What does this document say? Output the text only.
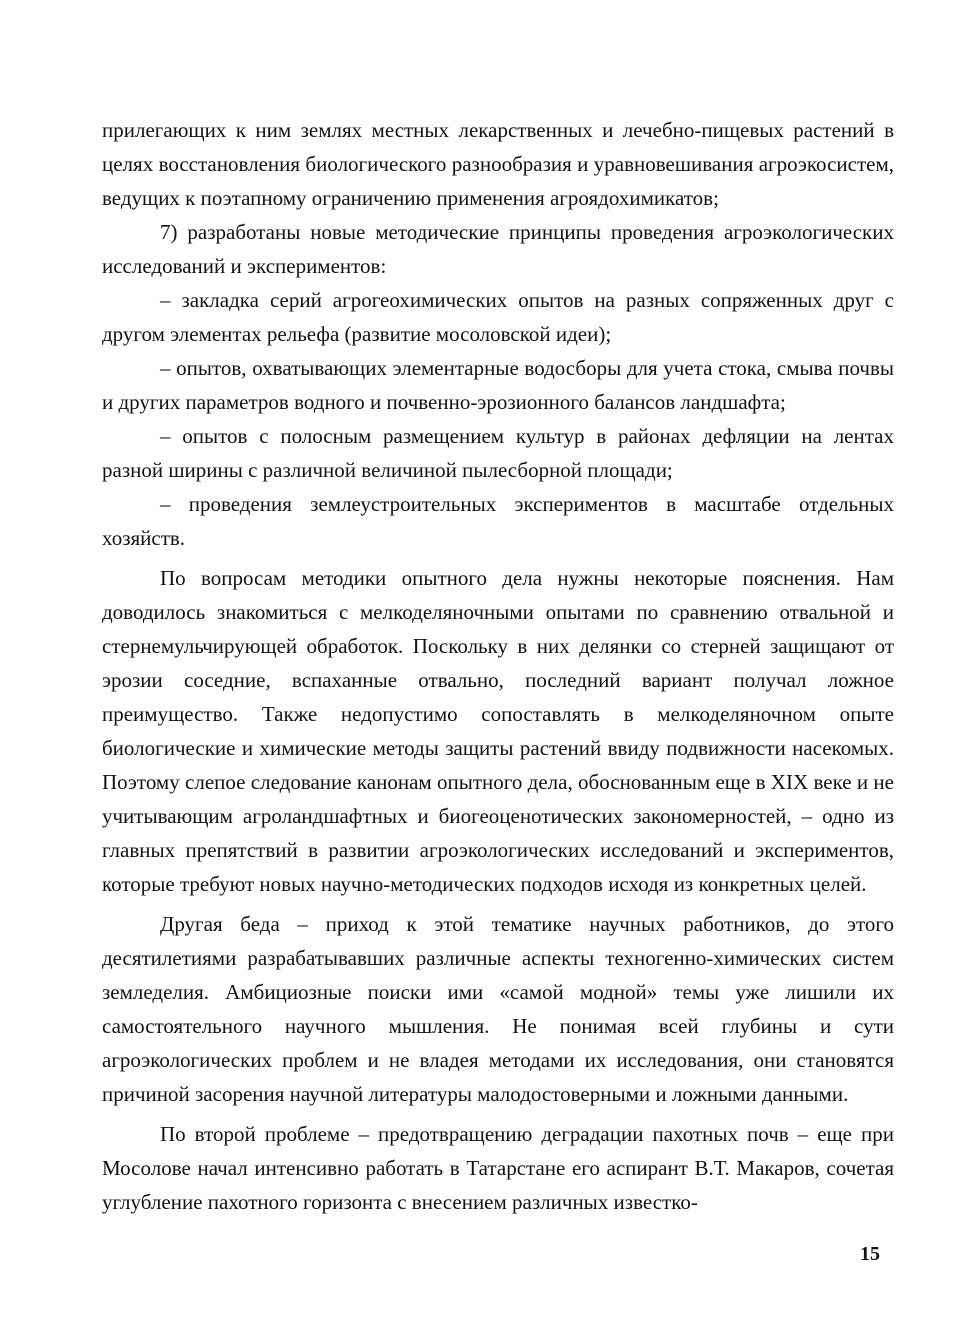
прилегающих к ним землях местных лекарственных и лечебно-пищевых растений в целях восстановления биологического разнообразия и уравновешивания агроэкосистем, ведущих к поэтапному ограничению применения агроядохимикатов;

7) разработаны новые методические принципы проведения агроэкологических исследований и экспериментов:

– закладка серий агрогеохимических опытов на разных сопряженных друг с другом элементах рельефа (развитие мосоловской идеи);

– опытов, охватывающих элементарные водосборы для учета стока, смыва почвы и других параметров водного и почвенно-эрозионного балансов ландшафта;

– опытов с полосным размещением культур в районах дефляции на лентах разной ширины с различной величиной пылесборной площади;

– проведения землеустроительных экспериментов в масштабе отдельных хозяйств.

По вопросам методики опытного дела нужны некоторые пояснения. Нам доводилось знакомиться с мелкоделяночными опытами по сравнению отвальной и стернемульчирующей обработок. Поскольку в них делянки со стерней защищают от эрозии соседние, вспаханные отвально, последний вариант получал ложное преимущество. Также недопустимо сопоставлять в мелкоделяночном опыте биологические и химические методы защиты растений ввиду подвижности насекомых. Поэтому слепое следование канонам опытного дела, обоснованным еще в XIX веке и не учитывающим агроландшафтных и биогеоценотических закономерностей, – одно из главных препятствий в развитии агроэкологических исследований и экспериментов, которые требуют новых научно-методических подходов исходя из конкретных целей.

Другая беда – приход к этой тематике научных работников, до этого десятилетиями разрабатывавших различные аспекты техногенно-химических систем земледелия. Амбициозные поиски ими «самой модной» темы уже лишили их самостоятельного научного мышления. Не понимая всей глубины и сути агроэкологических проблем и не владея методами их исследования, они становятся причиной засорения научной литературы малодостоверными и ложными данными.

По второй проблеме – предотвращению деградации пахотных почв – еще при Мосолове начал интенсивно работать в Татарстане его аспирант В.Т. Макаров, сочетая углубление пахотного горизонта с внесением различных известко-

15
